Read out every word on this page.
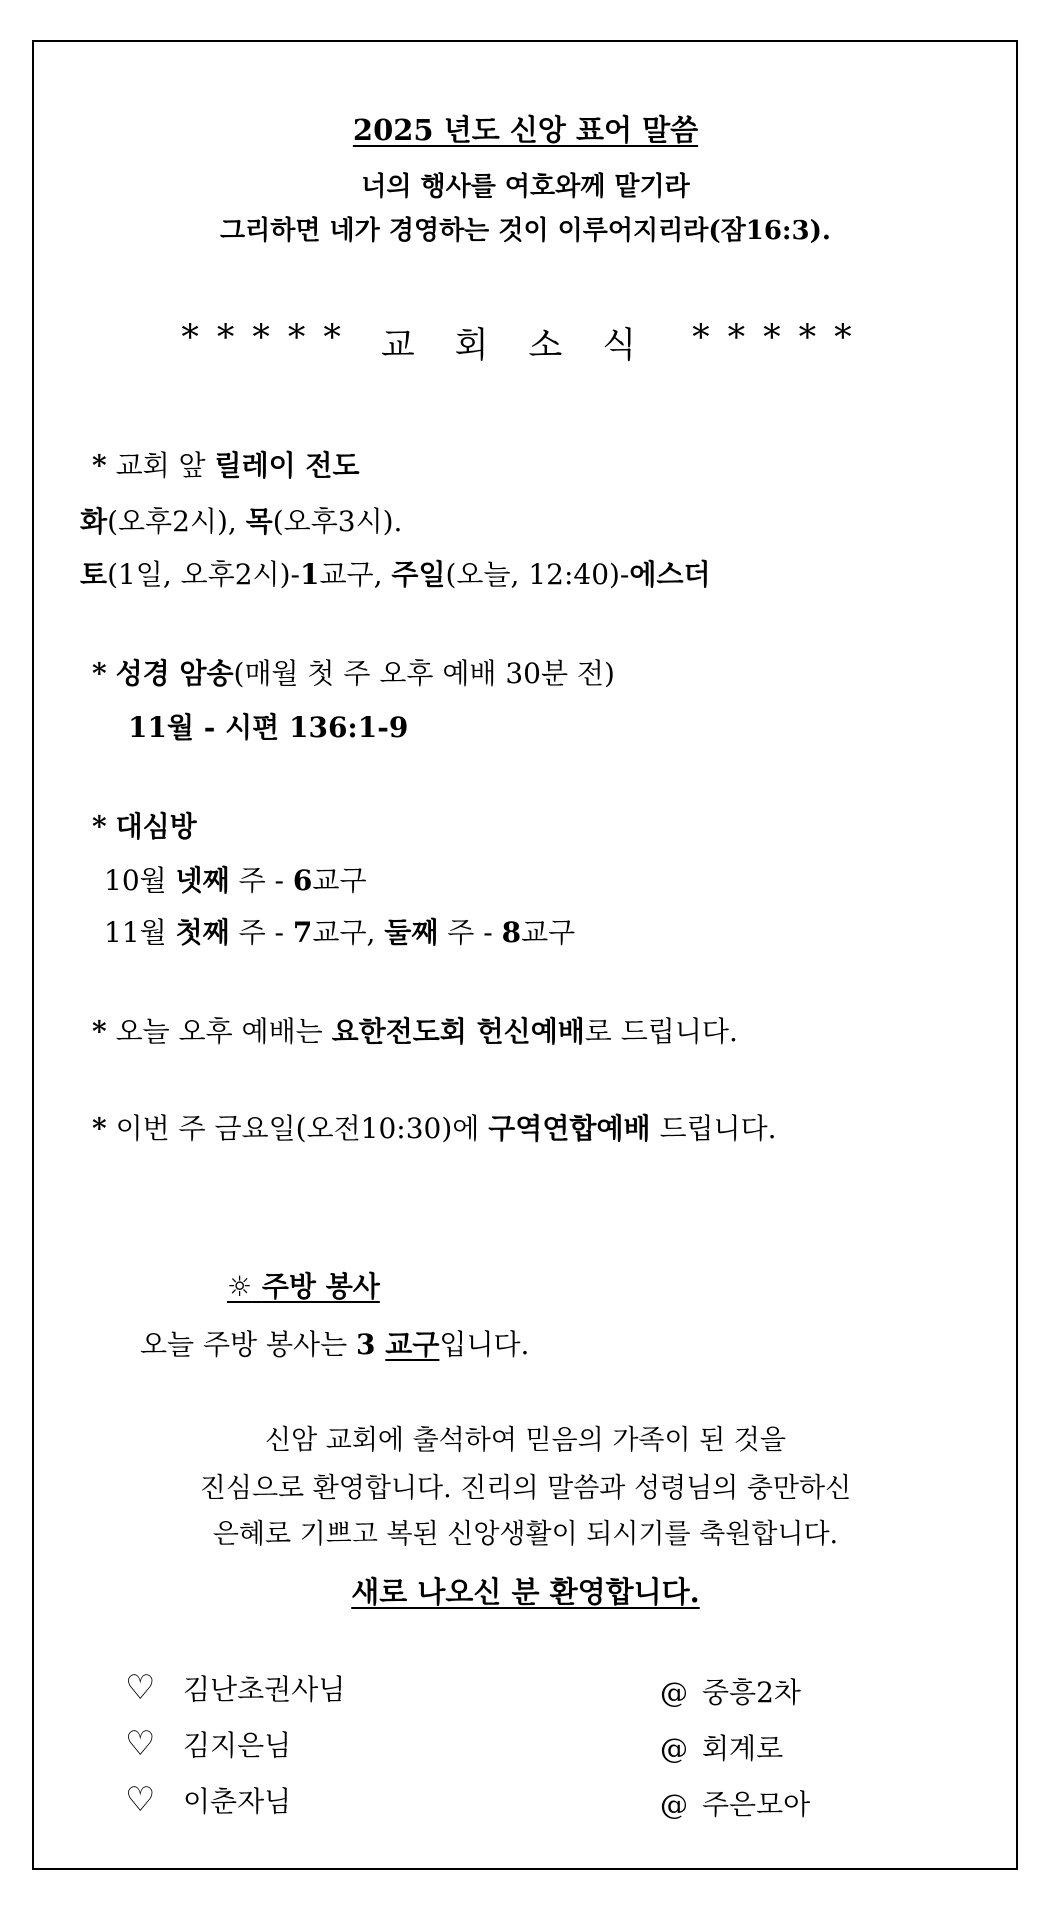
2025 년도 신앙 표어 말씀
너의 행사를 여호와께 맡기라
그리하면 네가 경영하는 것이 이루어지리라(잠16:3).
***** 교회소식 *****
* 교회 앞 릴레이 전도
화(오후2시), 목(오후3시).
토(1일, 오후2시)-1교구, 주일(오늘, 12:40)-에스더
* 성경 암송(매월 첫 주 오후 예배 30분 전)
11월 - 시편 136:1-9
* 대심방
10월 넷째 주 - 6교구
11월 첫째 주 - 7교구, 둘째 주 - 8교구
* 오늘 오후 예배는 요한전도회 헌신예배로 드립니다.
* 이번 주 금요일(오전10:30)에 구역연합예배 드립니다.
☼ 주방 봉사
오늘 주방 봉사는 3 교구입니다.
신암 교회에 출석하여 믿음의 가족이 된 것을
진심으로 환영합니다. 진리의 말씀과 성령님의 충만하신
은혜로 기쁘고 복된 신앙생활이 되시기를 축원합니다.
새로 나오신 분 환영합니다.
♡ 김난초권사님	@ 중흥2차
♡ 김지은님	@ 회계로
♡ 이춘자님	@ 주은모아
